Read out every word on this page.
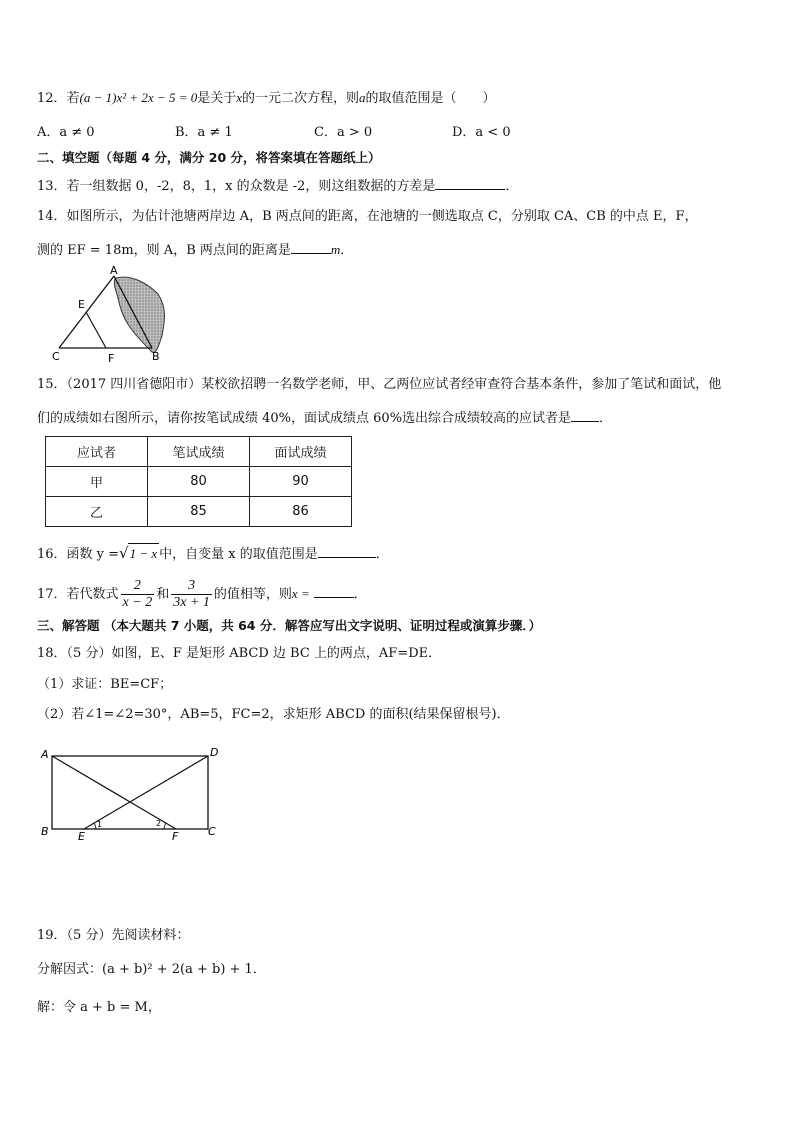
12．若(a − 1)x² + 2x − 5 = 0是关于x的一元二次方程，则a的取值范围是（　　）
A．a ≠ 0	B．a ≠ 1	C．a > 0	D．a < 0
二、填空题（每题 4 分，满分 20 分，将答案填在答题纸上）
13．若一组数据 0，-2，8，1，x 的众数是 -2，则这组数据的方差是	．
14．如图所示，为估计池塘两岸边 A，B 两点间的距离，在池塘的一侧选取点 C，分别取 CA、CB 的中点 E，F，
测的 EF = 18m，则 A，B 两点间的距离是	m．
A
E
C	F	B
15．（2017 四川省德阳市）某校欲招聘一名数学老师，甲、乙两位应试者经审查符合基本条件，参加了笔试和面试，他
们的成绩如右图所示，请你按笔试成绩 40%，面试成绩点 60%选出综合成绩较高的应试者是 ．
应试者	笔试成绩	面试成绩
甲	80	90
乙	85	86
16．函数 y =√1 − x 中，自变量 x 的取值范围是	．
17．若代数式 $\frac{2}{x - 2}$ 和 $\frac{3}{3x + 1}$ 的值相等，则x =	．
三、解答题 （本大题共 7 小题，共 64 分．解答应写出文字说明、证明过程或演算步骤．）
18．（5 分）如图，E、F 是矩形 ABCD 边 BC 上的两点，AF=DE．
（1）求证：BE=CF；
（2）若∠1=∠2=30°，AB=5，FC=2，求矩形 ABCD 的面积(结果保留根号)．
A	D
B	E	F	C
1	2
19．（5 分）先阅读材料：
分解因式：(a + b)² + 2(a + b) + 1．
解：令 a + b = M，
